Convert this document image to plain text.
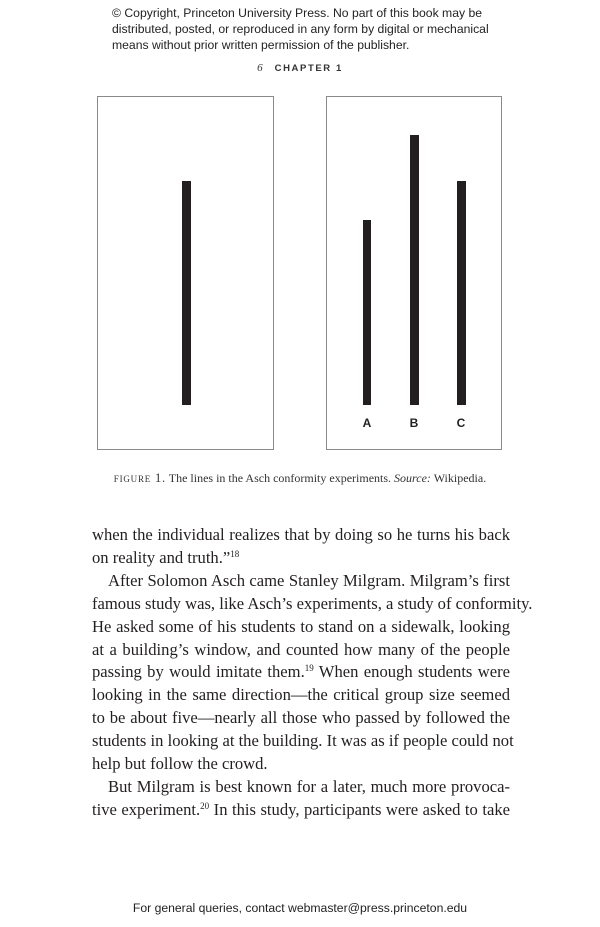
© Copyright, Princeton University Press. No part of this book may be
distributed, posted, or reproduced in any form by digital or mechanical
means without prior written permission of the publisher.
6 CHAPTER 1
A	B	C
figure 1. The lines in the Asch conformity experiments. Source: Wikipedia.
when the individual realizes that by doing so he turns his back
on reality and truth.”$^{18}$
After Solomon Asch came Stanley Milgram. Milgram’s first
famous study was, like Asch’s experiments, a study of conformity.
He asked some of his students to stand on a sidewalk, looking
at a building’s window, and counted how many of the people
passing by would imitate them.$^{19}$ When enough students were
looking in the same direction—the critical group size seemed
to be about five—nearly all those who passed by followed the
students in looking at the building. It was as if people could not
help but follow the crowd.
But Milgram is best known for a later, much more provoca-
tive experiment.$^{20}$ In this study, participants were asked to take
For general queries, contact webmaster@press.princeton.edu
